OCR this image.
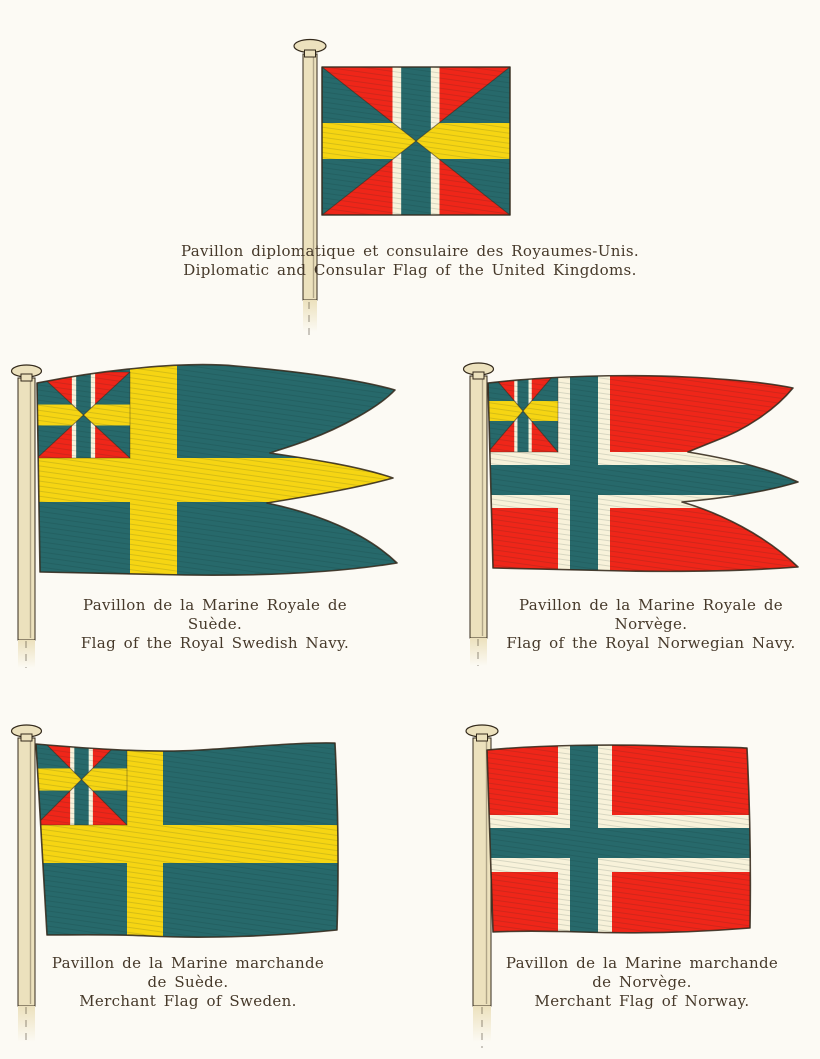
Pavillon diplomatique et consulaire des Royaumes-Unis.
Diplomatic and Consular Flag of the United Kingdoms.
Pavillon de la Marine Royale de
Suède.
Flag of the Royal Swedish Navy.
Pavillon de la Marine Royale de
Norvège.
Flag of the Royal Norwegian Navy.
Pavillon de la Marine marchande
de Suède.
Merchant Flag of Sweden.
Pavillon de la Marine marchande
de Norvège.
Merchant Flag of Norway.
